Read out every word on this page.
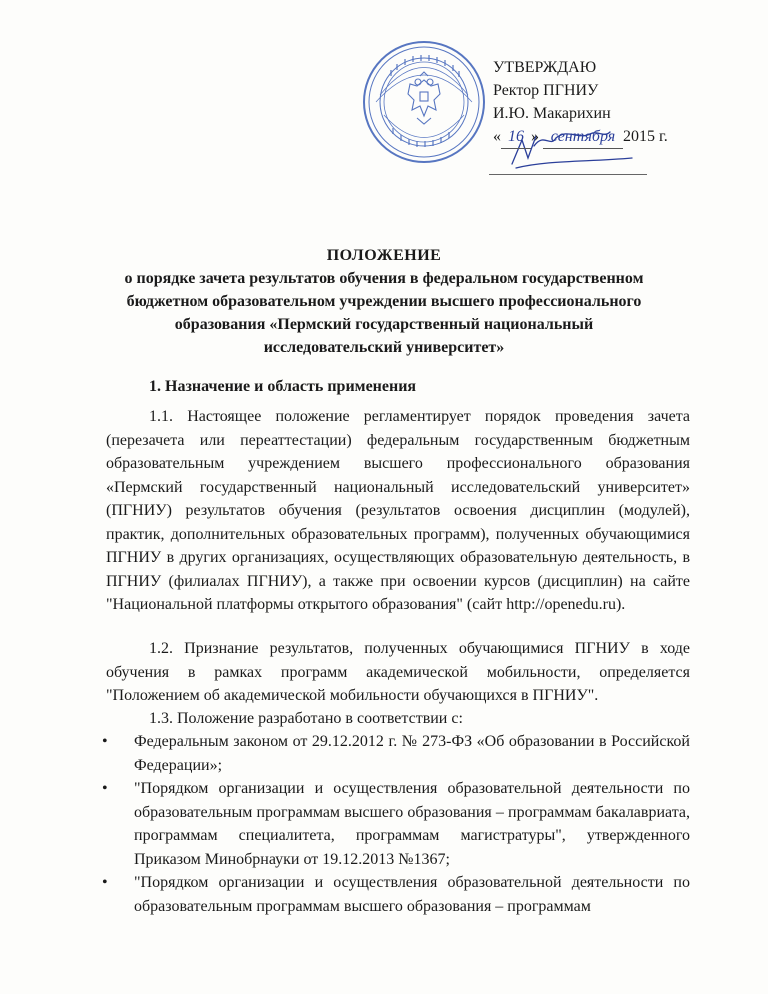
УТВЕРЖДАЮ
Ректор ПГНИУ
И.Ю. Макарихин
« 16 » сентября 2015 г.
ПОЛОЖЕНИЕ
о порядке зачета результатов обучения в федеральном государственном
бюджетном образовательном учреждении высшего профессионального
образования «Пермский государственный национальный
исследовательский университет»
1. Назначение и область применения
1.1. Настоящее положение регламентирует порядок проведения зачета (перезачета или переаттестации) федеральным государственным бюджетным образовательным учреждением высшего профессионального образования «Пермский государственный национальный исследовательский университет» (ПГНИУ) результатов обучения (результатов освоения дисциплин (модулей), практик, дополнительных образовательных программ), полученных обучающимися ПГНИУ в других организациях, осуществляющих образовательную деятельность, в ПГНИУ (филиалах ПГНИУ), а также при освоении курсов (дисциплин) на сайте "Национальной платформы открытого образования" (сайт http://openedu.ru).
1.2. Признание результатов, полученных обучающимися ПГНИУ в ходе обучения в рамках программ академической мобильности, определяется "Положением об академической мобильности обучающихся в ПГНИУ".
1.3. Положение разработано в соответствии с:
• Федеральным законом от 29.12.2012 г. № 273-ФЗ «Об образовании в Российской Федерации»;
• "Порядком организации и осуществления образовательной деятельности по образовательным программам высшего образования – программам бакалавриата, программам специалитета, программам магистратуры", утвержденного Приказом Минобрнауки от 19.12.2013 №1367;
• "Порядком организации и осуществления образовательной деятельности по образовательным программам высшего образования – программам
